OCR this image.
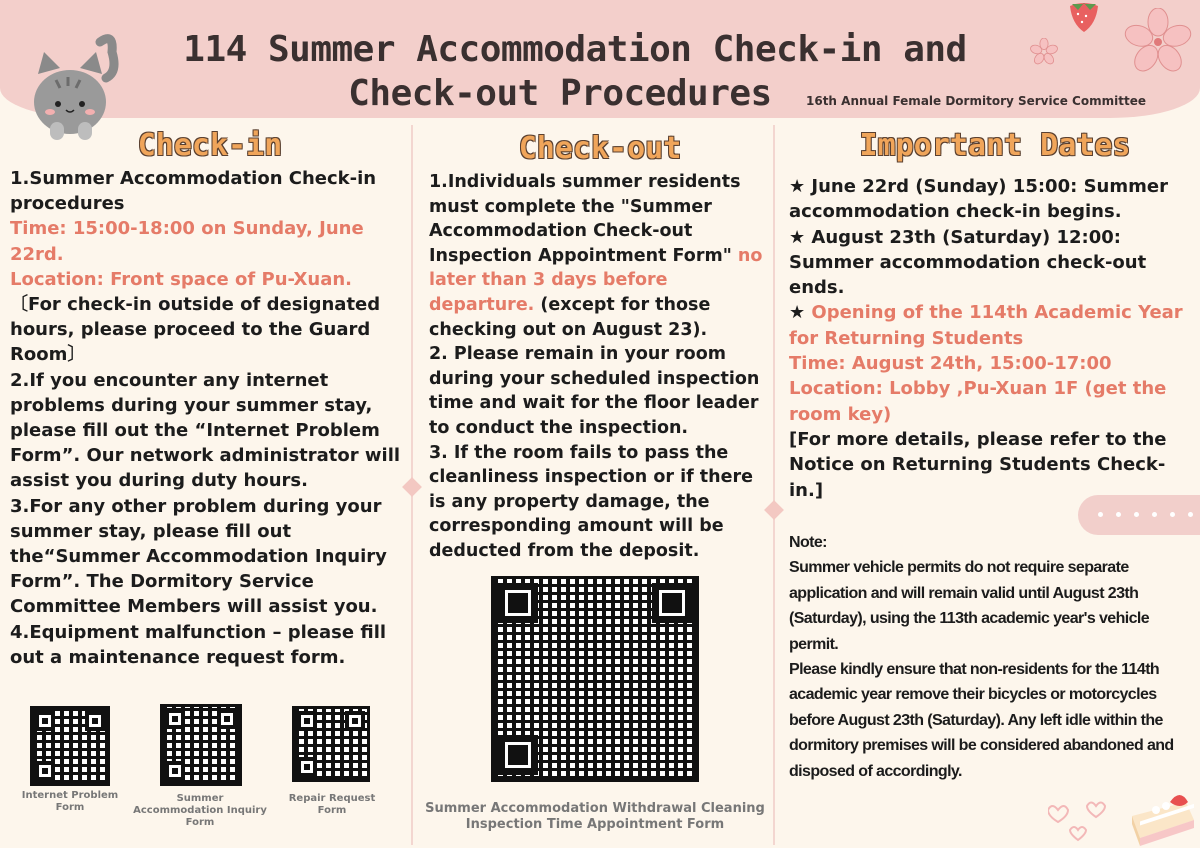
114 Summer Accommodation Check-in and
Check-out Procedures	16th Annual Female Dormitory Service Committee
Check-in	Check-out	Important Dates

1.Summer Accommodation Check-in procedures

Time: 15:00-18:00 on Sunday, June 22rd.

Location: Front space of Pu-Xuan.

〔For check-in outside of designated hours, please proceed to the Guard Room〕

2.If you encounter any internet problems during your summer stay, please fill out the “Internet Problem Form”. Our network administrator will assist you during duty hours.

3.For any other problem during your summer stay, please fill out the“Summer Accommodation Inquiry Form”. The Dormitory Service Committee Members will assist you.

4.Equipment malfunction – please fill out a maintenance request form.

1.Individuals summer residents must complete the "Summer Accommodation Check-out Inspection Appointment Form" no later than 3 days before departure. (except for those checking out on August 23).

2. Please remain in your room during your scheduled inspection time and wait for the floor leader to conduct the inspection.

3. If the room fails to pass the cleanliness inspection or if there is any property damage, the corresponding amount will be deducted from the deposit.

★ June 22rd (Sunday) 15:00: Summer accommodation check-in begins.

★ August 23th (Saturday) 12:00: Summer accommodation check-out ends.

★ Opening of the 114th Academic Year for Returning Students

Time: August 24th, 15:00-17:00

Location: Lobby ,Pu-Xuan 1F (get the room key)

[For more details, please refer to the Notice on Returning Students Check-in.]

Note:

Summer vehicle permits do not require separate application and will remain valid until August 23th (Saturday), using the 113th academic year's vehicle permit.

Please kindly ensure that non-residents for the 114th academic year remove their bicycles or motorcycles before August 23th (Saturday). Any left idle within the dormitory premises will be considered abandoned and disposed of accordingly.

Internet Problem Form
Summer Accommodation Inquiry Form
Repair Request Form	Summer Accommodation Withdrawal Cleaning Inspection Time Appointment Form
